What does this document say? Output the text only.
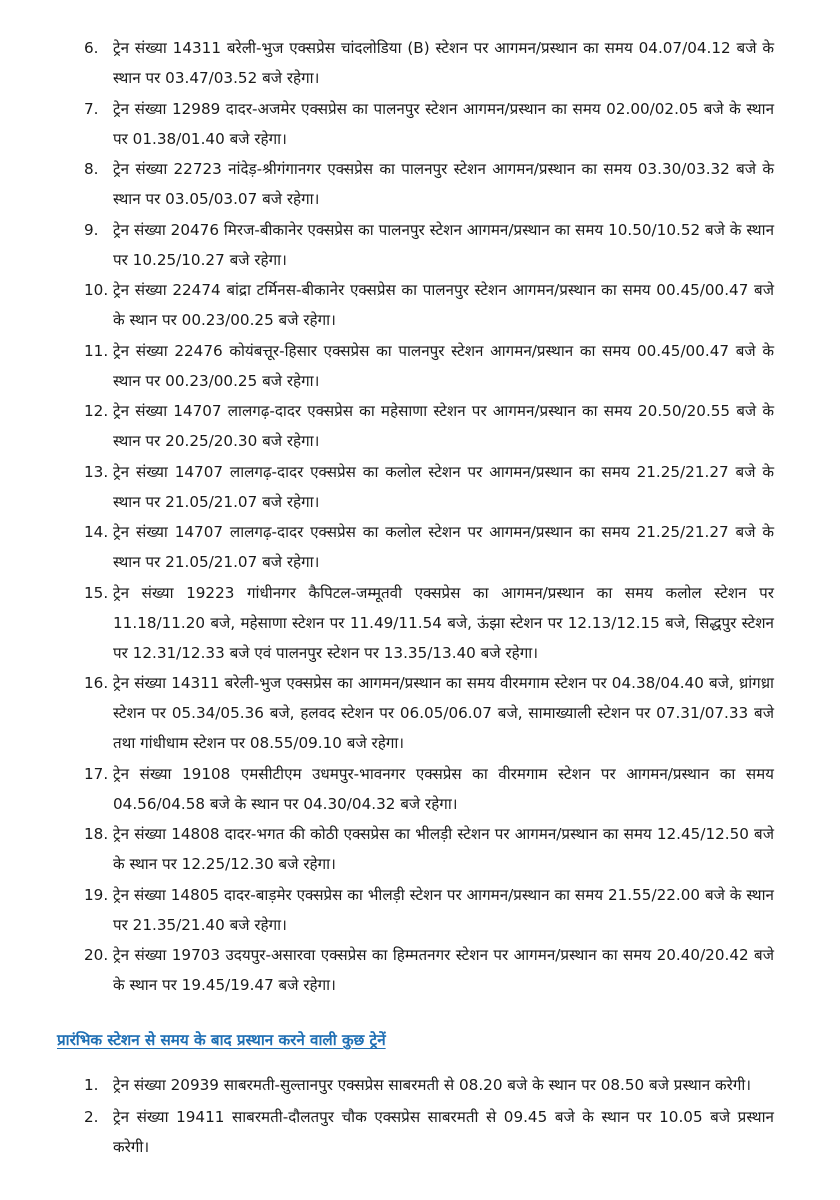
6. ट्रेन संख्या 14311 बरेली-भुज एक्सप्रेस चांदलोडिया (B) स्टेशन पर आगमन/प्रस्थान का समय 04.07/04.12 बजे के स्थान पर 03.47/03.52 बजे रहेगा।
7. ट्रेन संख्या 12989 दादर-अजमेर एक्सप्रेस का पालनपुर स्टेशन आगमन/प्रस्थान का समय 02.00/02.05 बजे के स्थान पर 01.38/01.40 बजे रहेगा।
8. ट्रेन संख्या 22723 नांदेड़-श्रीगंगानगर एक्सप्रेस का पालनपुर स्टेशन आगमन/प्रस्थान का समय 03.30/03.32 बजे के स्थान पर 03.05/03.07 बजे रहेगा।
9. ट्रेन संख्या 20476 मिरज-बीकानेर एक्सप्रेस का पालनपुर स्टेशन आगमन/प्रस्थान का समय 10.50/10.52 बजे के स्थान पर 10.25/10.27 बजे रहेगा।
10. ट्रेन संख्या 22474 बांद्रा टर्मिनस-बीकानेर एक्सप्रेस का पालनपुर स्टेशन आगमन/प्रस्थान का समय 00.45/00.47 बजे के स्थान पर 00.23/00.25 बजे रहेगा।
11. ट्रेन संख्या 22476 कोयंबत्तूर-हिसार एक्सप्रेस का पालनपुर स्टेशन आगमन/प्रस्थान का समय 00.45/00.47 बजे के स्थान पर 00.23/00.25 बजे रहेगा।
12. ट्रेन संख्या 14707 लालगढ़-दादर एक्सप्रेस का महेसाणा स्टेशन पर आगमन/प्रस्थान का समय 20.50/20.55 बजे के स्थान पर 20.25/20.30 बजे रहेगा।
13. ट्रेन संख्या 14707 लालगढ़-दादर एक्सप्रेस का कलोल स्टेशन पर आगमन/प्रस्थान का समय 21.25/21.27 बजे के स्थान पर 21.05/21.07 बजे रहेगा।
14. ट्रेन संख्या 14707 लालगढ़-दादर एक्सप्रेस का कलोल स्टेशन पर आगमन/प्रस्थान का समय 21.25/21.27 बजे के स्थान पर 21.05/21.07 बजे रहेगा।
15. ट्रेन संख्या 19223 गांधीनगर कैपिटल-जम्मूतवी एक्सप्रेस का आगमन/प्रस्थान का समय कलोल स्टेशन पर 11.18/11.20 बजे, महेसाणा स्टेशन पर 11.49/11.54 बजे, ऊंझा स्टेशन पर 12.13/12.15 बजे, सिद्धपुर स्टेशन पर 12.31/12.33 बजे एवं पालनपुर स्टेशन पर 13.35/13.40 बजे रहेगा।
16. ट्रेन संख्या 14311 बरेली-भुज एक्सप्रेस का आगमन/प्रस्थान का समय वीरमगाम स्टेशन पर 04.38/04.40 बजे, ध्रांगध्रा स्टेशन पर 05.34/05.36 बजे, हलवद स्टेशन पर 06.05/06.07 बजे, सामाख्याली स्टेशन पर 07.31/07.33 बजे तथा गांधीधाम स्टेशन पर 08.55/09.10 बजे रहेगा।
17. ट्रेन संख्या 19108 एमसीटीएम उधमपुर-भावनगर एक्सप्रेस का वीरमगाम स्टेशन पर आगमन/प्रस्थान का समय 04.56/04.58 बजे के स्थान पर 04.30/04.32 बजे रहेगा।
18. ट्रेन संख्या 14808 दादर-भगत की कोठी एक्सप्रेस का भीलड़ी स्टेशन पर आगमन/प्रस्थान का समय 12.45/12.50 बजे के स्थान पर 12.25/12.30 बजे रहेगा।
19. ट्रेन संख्या 14805 दादर-बाड़मेर एक्सप्रेस का भीलड़ी स्टेशन पर आगमन/प्रस्थान का समय 21.55/22.00 बजे के स्थान पर 21.35/21.40 बजे रहेगा।
20. ट्रेन संख्या 19703 उदयपुर-असारवा एक्सप्रेस का हिम्मतनगर स्टेशन पर आगमन/प्रस्थान का समय 20.40/20.42 बजे के स्थान पर 19.45/19.47 बजे रहेगा।
प्रारंभिक स्टेशन से समय के बाद प्रस्थान करने वाली कुछ ट्रेनें
1. ट्रेन संख्या 20939 साबरमती-सुल्तानपुर एक्सप्रेस साबरमती से 08.20 बजे के स्थान पर 08.50 बजे प्रस्थान करेगी।
2. ट्रेन संख्या 19411 साबरमती-दौलतपुर चौक एक्सप्रेस साबरमती से 09.45 बजे के स्थान पर 10.05 बजे प्रस्थान करेगी।
